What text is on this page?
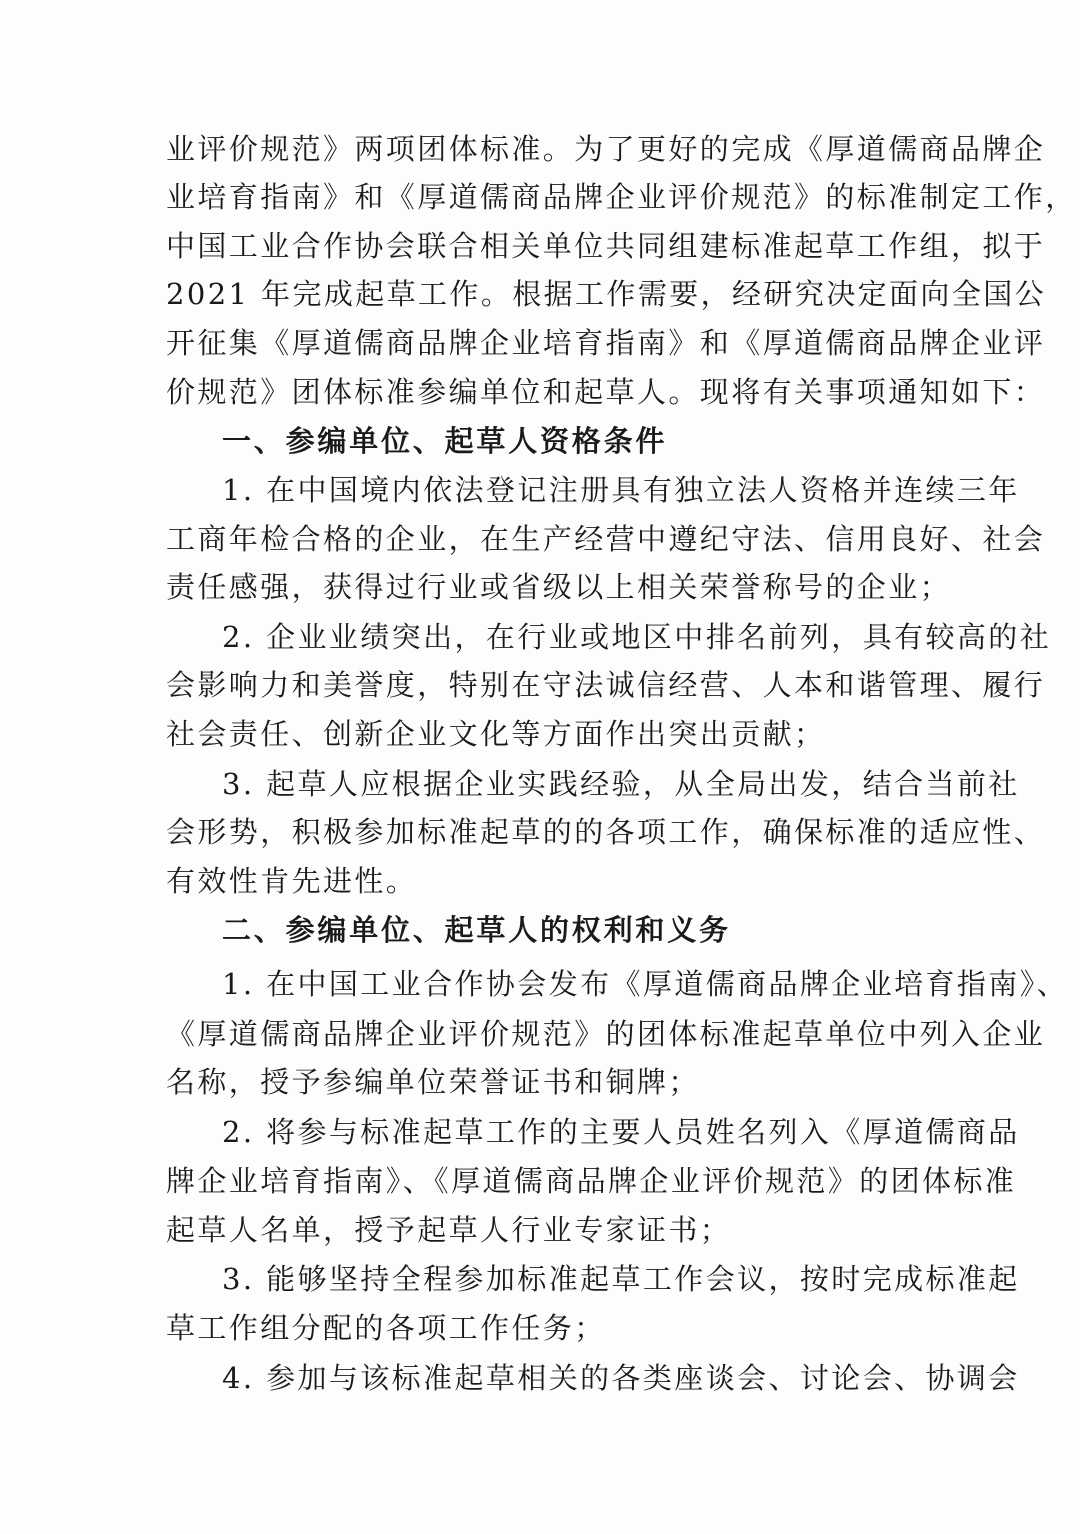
业评价规范》两项团体标准。为了更好的完成《厚道儒商品牌企
业培育指南》和《厚道儒商品牌企业评价规范》的标准制定工作，
中国工业合作协会联合相关单位共同组建标准起草工作组，拟于
2021 年完成起草工作。根据工作需要，经研究决定面向全国公
开征集《厚道儒商品牌企业培育指南》和《厚道儒商品牌企业评
价规范》团体标准参编单位和起草人。现将有关事项通知如下：
一、参编单位、起草人资格条件
1. 在中国境内依法登记注册具有独立法人资格并连续三年
工商年检合格的企业，在生产经营中遵纪守法、信用良好、社会
责任感强，获得过行业或省级以上相关荣誉称号的企业；
2. 企业业绩突出，在行业或地区中排名前列，具有较高的社
会影响力和美誉度，特别在守法诚信经营、人本和谐管理、履行
社会责任、创新企业文化等方面作出突出贡献；
3. 起草人应根据企业实践经验，从全局出发，结合当前社
会形势，积极参加标准起草的的各项工作，确保标准的适应性、
有效性肯先进性。
二、参编单位、起草人的权利和义务
1. 在中国工业合作协会发布《厚道儒商品牌企业培育指南》、
《厚道儒商品牌企业评价规范》的团体标准起草单位中列入企业
名称，授予参编单位荣誉证书和铜牌；
2. 将参与标准起草工作的主要人员姓名列入《厚道儒商品
牌企业培育指南》、《厚道儒商品牌企业评价规范》的团体标准
起草人名单，授予起草人行业专家证书；
3. 能够坚持全程参加标准起草工作会议，按时完成标准起
草工作组分配的各项工作任务；
4. 参加与该标准起草相关的各类座谈会、讨论会、协调会
